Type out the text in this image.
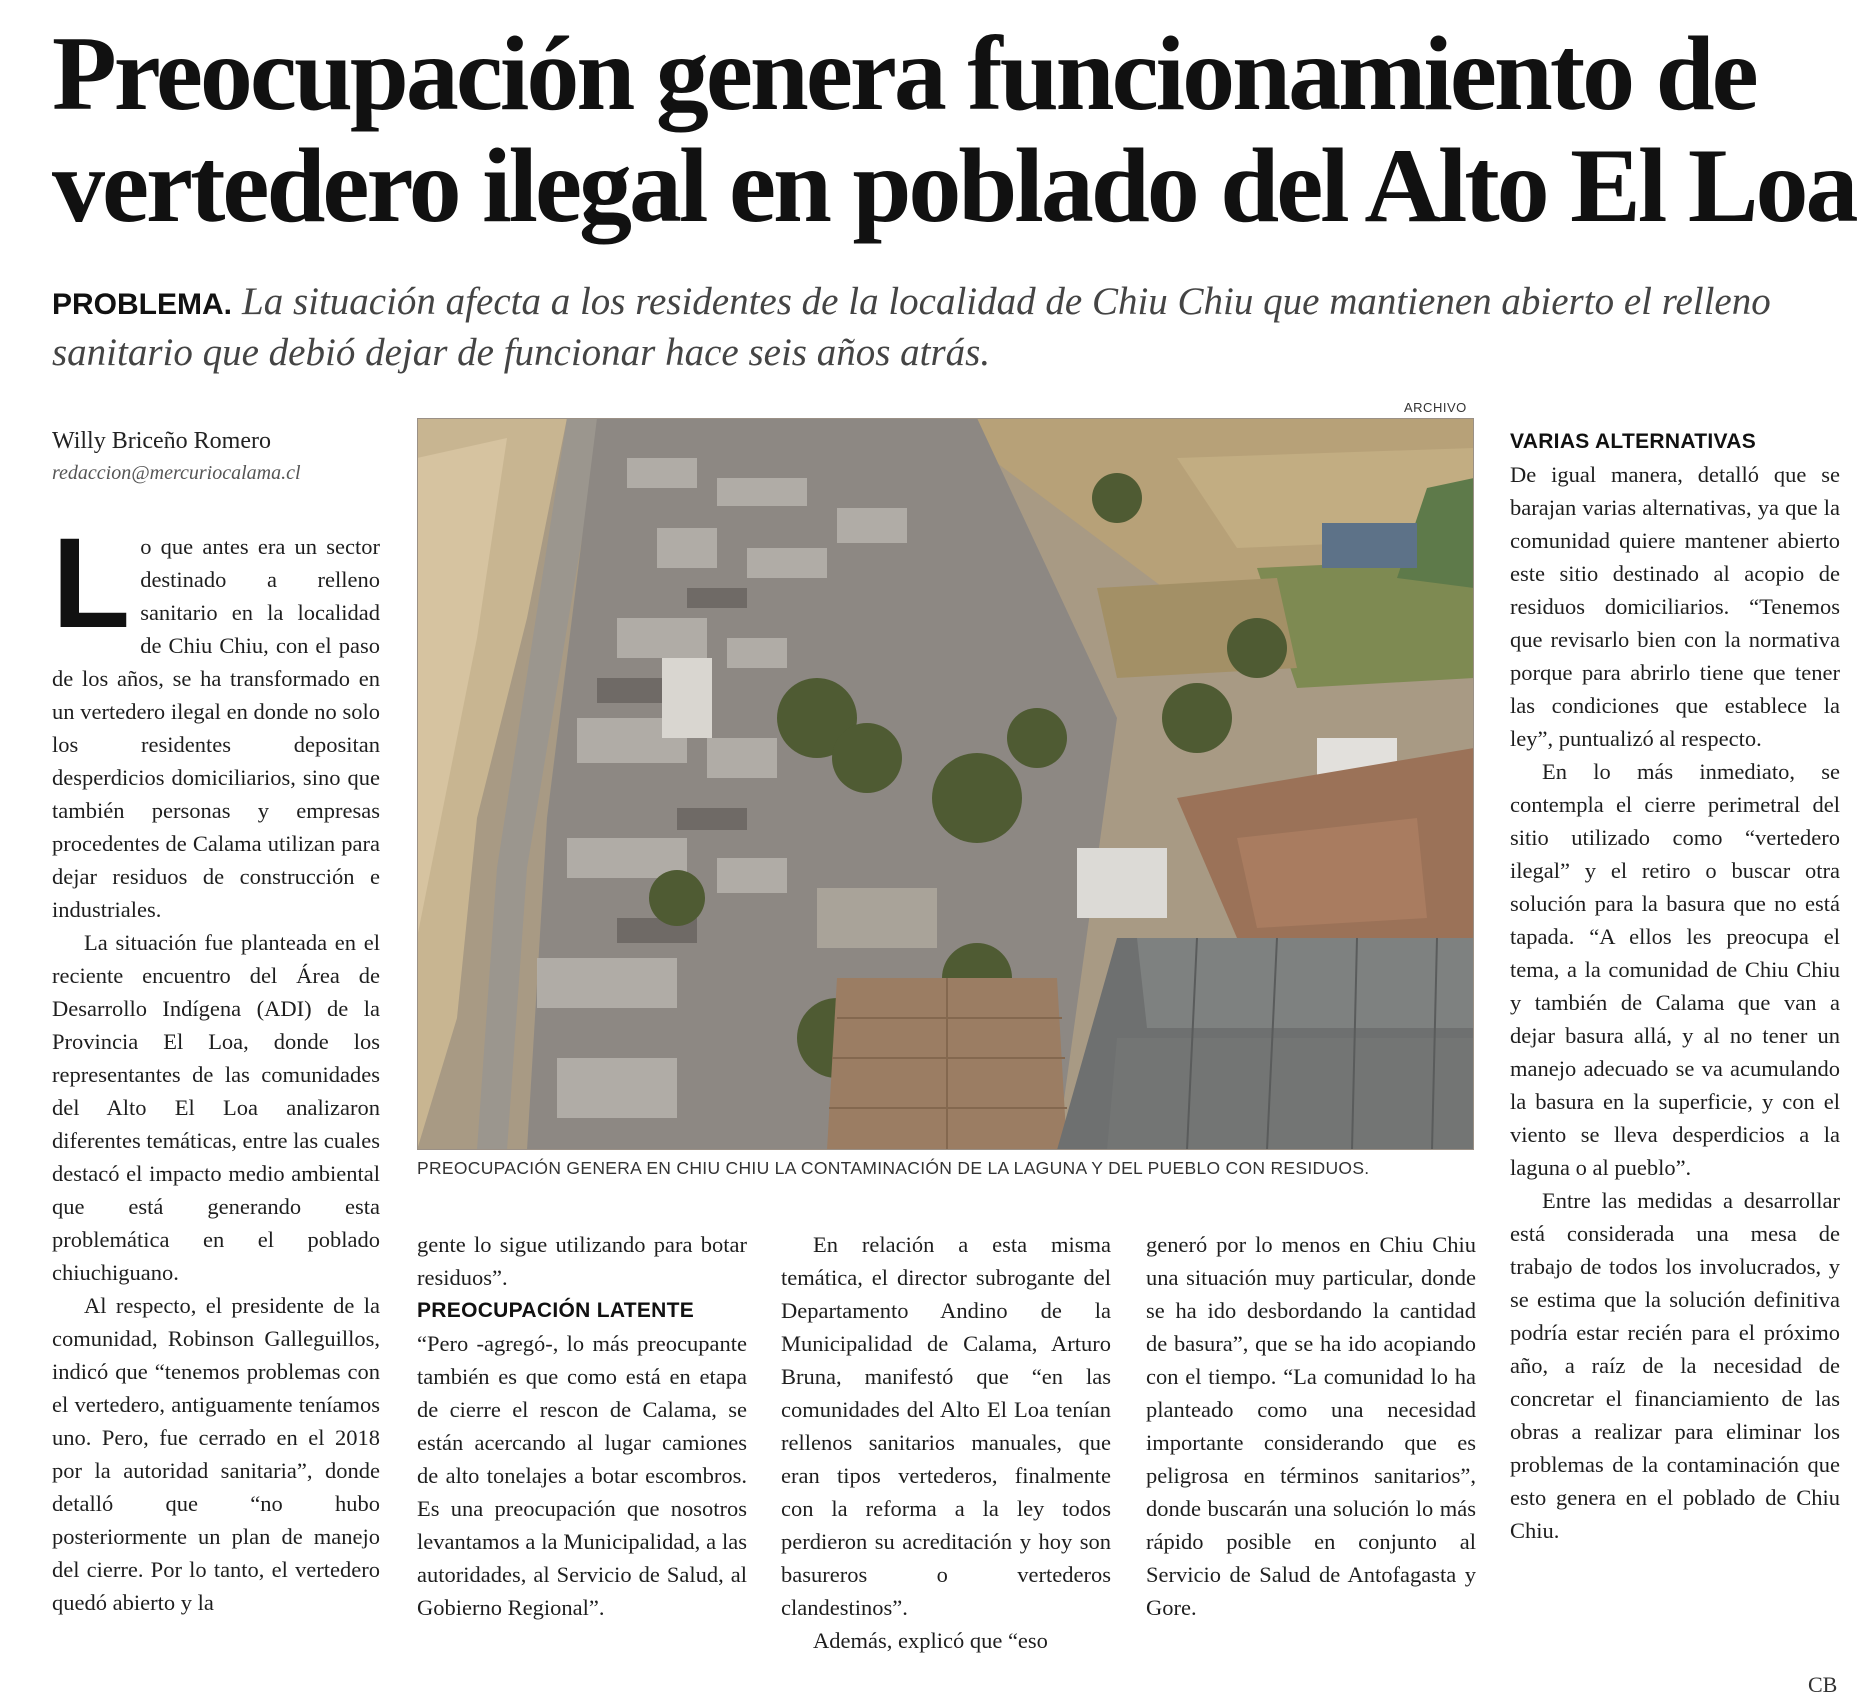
Preocupación genera funcionamiento de
vertedero ilegal en poblado del Alto El Loa
PROBLEMA. La situación afecta a los residentes de la localidad de Chiu Chiu que mantienen abierto el relleno sanitario que debió dejar de funcionar hace seis años atrás.
Willy Briceño Romero
redaccion@mercuriocalama.cl

Lo que antes era un sector destinado a relleno sanitario en la localidad de Chiu Chiu, con el paso de los años, se ha transformado en un vertedero ilegal en donde no solo los residentes depositan desperdicios domiciliarios, sino que también personas y empresas procedentes de Calama utilizan para dejar residuos de construcción e industriales.

La situación fue planteada en el reciente encuentro del Área de Desarrollo Indígena (ADI) de la Provincia El Loa, donde los representantes de las comunidades del Alto El Loa analizaron diferentes temáticas, entre las cuales destacó el impacto medio ambiental que está generando esta problemática en el poblado chiuchiguano.

Al respecto, el presidente de la comunidad, Robinson Galleguillos, indicó que “tenemos problemas con el vertedero, antiguamente teníamos uno. Pero, fue cerrado en el 2018 por la autoridad sanitaria”, donde detalló que “no hubo posteriormente un plan de manejo del cierre. Por lo tanto, el vertedero quedó abierto y la

ARCHIVO
PREOCUPACIÓN GENERA EN CHIU CHIU LA CONTAMINACIÓN DE LA LAGUNA Y DEL PUEBLO CON RESIDUOS.

gente lo sigue utilizando para botar residuos”.

PREOCUPACIÓN LATENTE

“Pero -agregó-, lo más preocupante también es que como está en etapa de cierre el rescon de Calama, se están acercando al lugar camiones de alto tonelajes a botar escombros. Es una preocupación que nosotros levantamos a la Municipalidad, a las autoridades, al Servicio de Salud, al Gobierno Regional”.

En relación a esta misma temática, el director subrogante del Departamento Andino de la Municipalidad de Calama, Arturo Bruna, manifestó que “en las comunidades del Alto El Loa tenían rellenos sanitarios manuales, que eran tipos vertederos, finalmente con la reforma a la ley todos perdieron su acreditación y hoy son basureros o vertederos clandestinos”.

Además, explicó que “eso

generó por lo menos en Chiu Chiu una situación muy particular, donde se ha ido desbordando la cantidad de basura”, que se ha ido acopiando con el tiempo. “La comunidad lo ha planteado como una necesidad importante considerando que es peligrosa en términos sanitarios”, donde buscarán una solución lo más rápido posible en conjunto al Servicio de Salud de Antofagasta y Gore.

VARIAS ALTERNATIVAS

De igual manera, detalló que se barajan varias alternativas, ya que la comunidad quiere mantener abierto este sitio destinado al acopio de residuos domiciliarios. “Tenemos que revisarlo bien con la normativa porque para abrirlo tiene que tener las condiciones que establece la ley”, puntualizó al respecto.

En lo más inmediato, se contempla el cierre perimetral del sitio utilizado como “vertedero ilegal” y el retiro o buscar otra solución para la basura que no está tapada. “A ellos les preocupa el tema, a la comunidad de Chiu Chiu y también de Calama que van a dejar basura allá, y al no tener un manejo adecuado se va acumulando la basura en la superficie, y con el viento se lleva desperdicios a la laguna o al pueblo”.

Entre las medidas a desarrollar está considerada una mesa de trabajo de todos los involucrados, y se estima que la solución definitiva podría estar recién para el próximo año, a raíz de la necesidad de concretar el financiamiento de las obras a realizar para eliminar los problemas de la contaminación que esto genera en el poblado de Chiu Chiu.

CB
